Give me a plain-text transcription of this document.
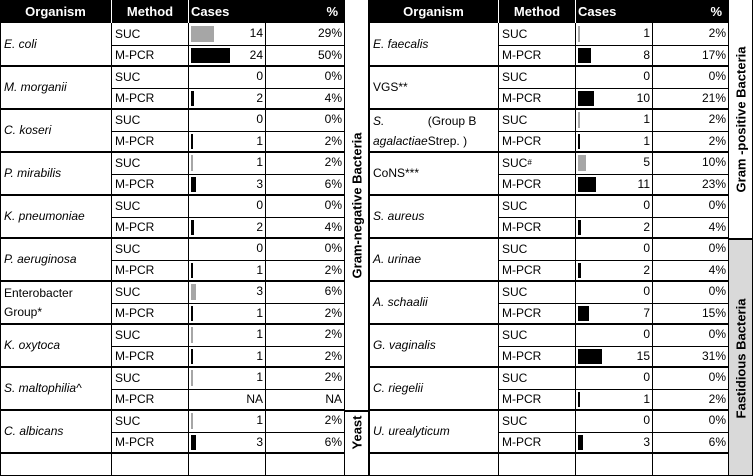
Organism	Method	Cases	%
E. coli
SUC	14	29%
M-PCR	24	50%
M. morganii
SUC	0	0%
M-PCR	2	4%
C. koseri
SUC	0	0%
M-PCR	1	2%
P. mirabilis
SUC	1	2%
M-PCR	3	6%
K. pneumoniae
SUC	0	0%
M-PCR	2	4%
P. aeruginosa
SUC	0	0%
M-PCR	1	2%
Enterobacter Group*
SUC	3	6%
M-PCR	1	2%
K. oxytoca
SUC	1	2%
M-PCR	1	2%
S. maltophilia^
SUC	1	2%
M-PCR	NA	NA
C. albicans
SUC	1	2%
M-PCR	3	6%
Organism	Method	Cases	%
E. faecalis
SUC	1	2%
M-PCR	8	17%
VGS**
SUC	0	0%
M-PCR	10	21%
S. agalactiae

(Group B Strep. )
SUC	1	2%
M-PCR	1	2%
CoNS***
SUC #	5	10%
M-PCR	11	23%
S. aureus
SUC	0	0%
M-PCR	2	4%
A. urinae
SUC	0	0%
M-PCR	2	4%
A. schaalii
SUC	0	0%
M-PCR	7	15%
G. vaginalis
SUC	0	0%
M-PCR	15	31%
C. riegelii
SUC	0	0%
M-PCR	1	2%
U. urealyticum
SUC	0	0%
M-PCR	3	6%
Gram-negative Bacteria
Yeast
Gram -positive Bacteria
Fastidious Bacteria
